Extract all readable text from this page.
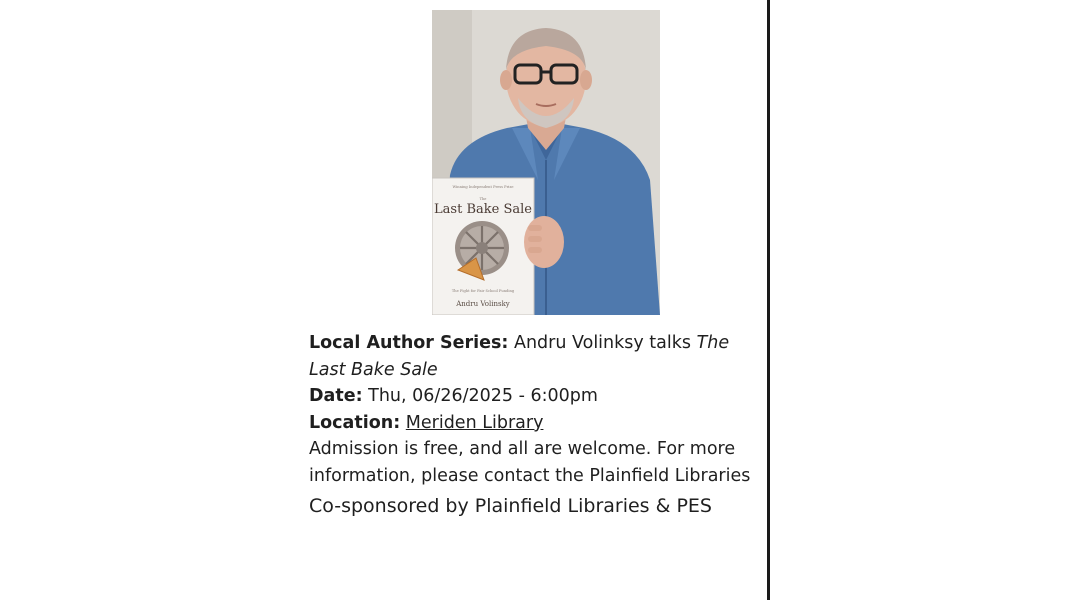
Winning Independent Press Prize
The
Last Bake Sale
The Fight for Fair School Funding
Andru Volinsky

Local Author Series: Andru Volinksy talks The Last Bake Sale

Date: Thu, 06/26/2025 - 6:00pm

Location: Meriden Library

Admission is free, and all are welcome. For more information, please contact the Plainfield Libraries

Co-sponsored by Plainfield Libraries & PES
